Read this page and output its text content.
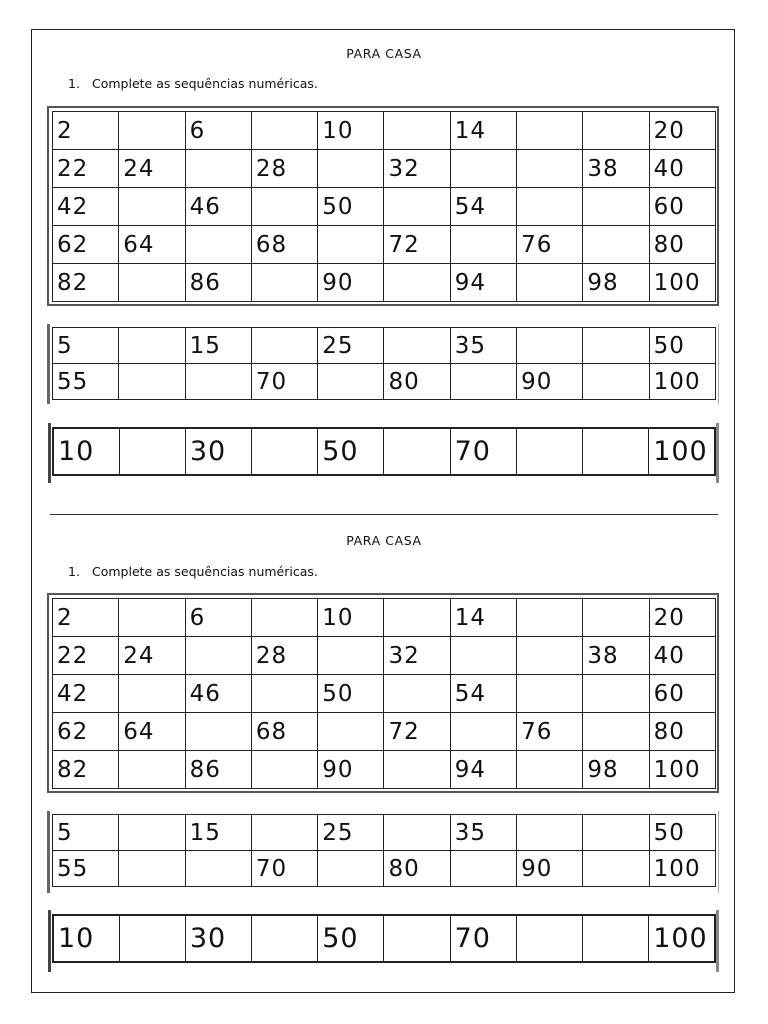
PARA CASA
1. Complete as sequências numéricas.
2		6		10		14			20
22	24		28		32			38	40
42		46		50		54			60
62	64		68		72		76		80
82		86		90		94		98	100
5		15		25		35			50
55			70		80		90		100
10		30		50		70			100
PARA CASA
1. Complete as sequências numéricas.
2		6		10		14			20
22	24		28		32			38	40
42		46		50		54			60
62	64		68		72		76		80
82		86		90		94		98	100
5		15		25		35			50
55			70		80		90		100
10		30		50		70			100
